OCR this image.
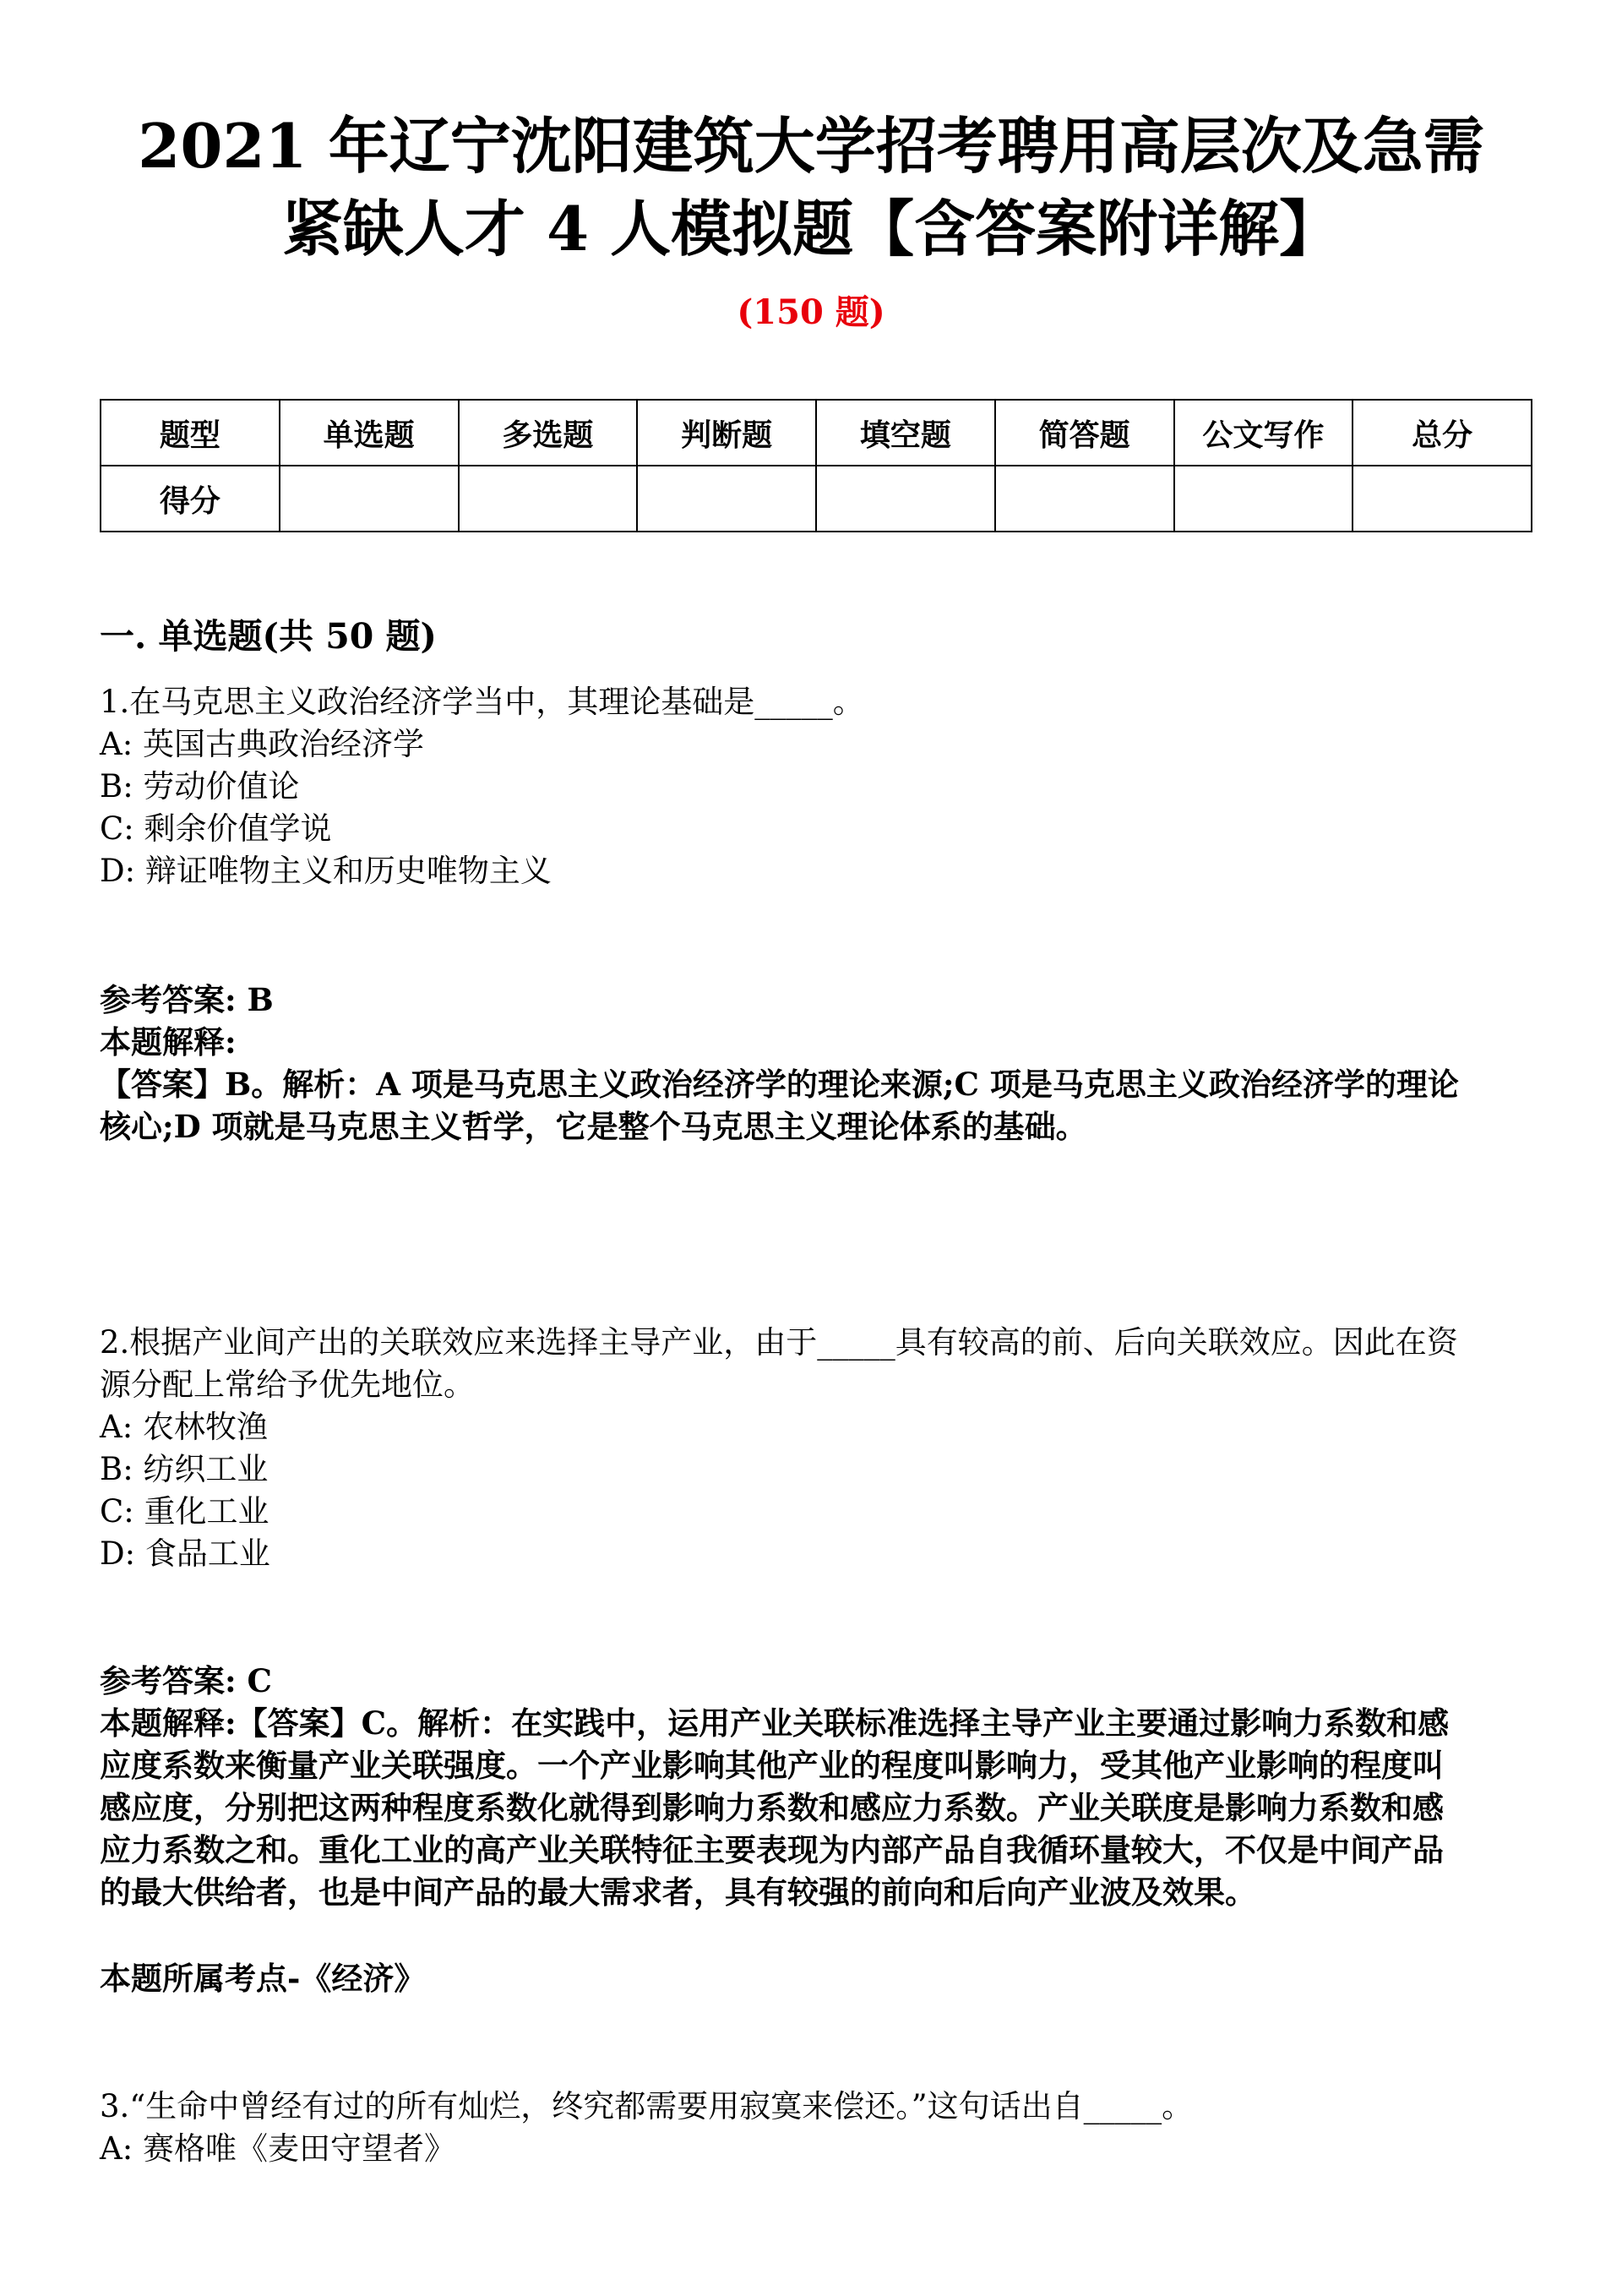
2021 年辽宁沈阳建筑大学招考聘用高层次及急需
紧缺人才 4 人模拟题【含答案附详解】
(150 题)
题型	单选题	多选题	判断题	填空题	简答题	公文写作	总分
得分							
一. 单选题(共 50 题)
1.在马克思主义政治经济学当中，其理论基础是_____。
A: 英国古典政治经济学
B: 劳动价值论
C: 剩余价值学说
D: 辩证唯物主义和历史唯物主义
参考答案: B
本题解释:
【答案】B。解析：A 项是马克思主义政治经济学的理论来源;C 项是马克思主义政治经济学的理论
核心;D 项就是马克思主义哲学，它是整个马克思主义理论体系的基础。
2.根据产业间产出的关联效应来选择主导产业，由于_____具有较高的前、后向关联效应。因此在资
源分配上常给予优先地位。
A: 农林牧渔
B: 纺织工业
C: 重化工业
D: 食品工业
参考答案: C
本题解释:【答案】C。解析：在实践中，运用产业关联标准选择主导产业主要通过影响力系数和感
应度系数来衡量产业关联强度。一个产业影响其他产业的程度叫影响力，受其他产业影响的程度叫
感应度，分别把这两种程度系数化就得到影响力系数和感应力系数。产业关联度是影响力系数和感
应力系数之和。重化工业的高产业关联特征主要表现为内部产品自我循环量较大，不仅是中间产品
的最大供给者，也是中间产品的最大需求者，具有较强的前向和后向产业波及效果。
本题所属考点-《经济》
3.“生命中曾经有过的所有灿烂，终究都需要用寂寞来偿还。”这句话出自_____。
A: 赛格唯《麦田守望者》
